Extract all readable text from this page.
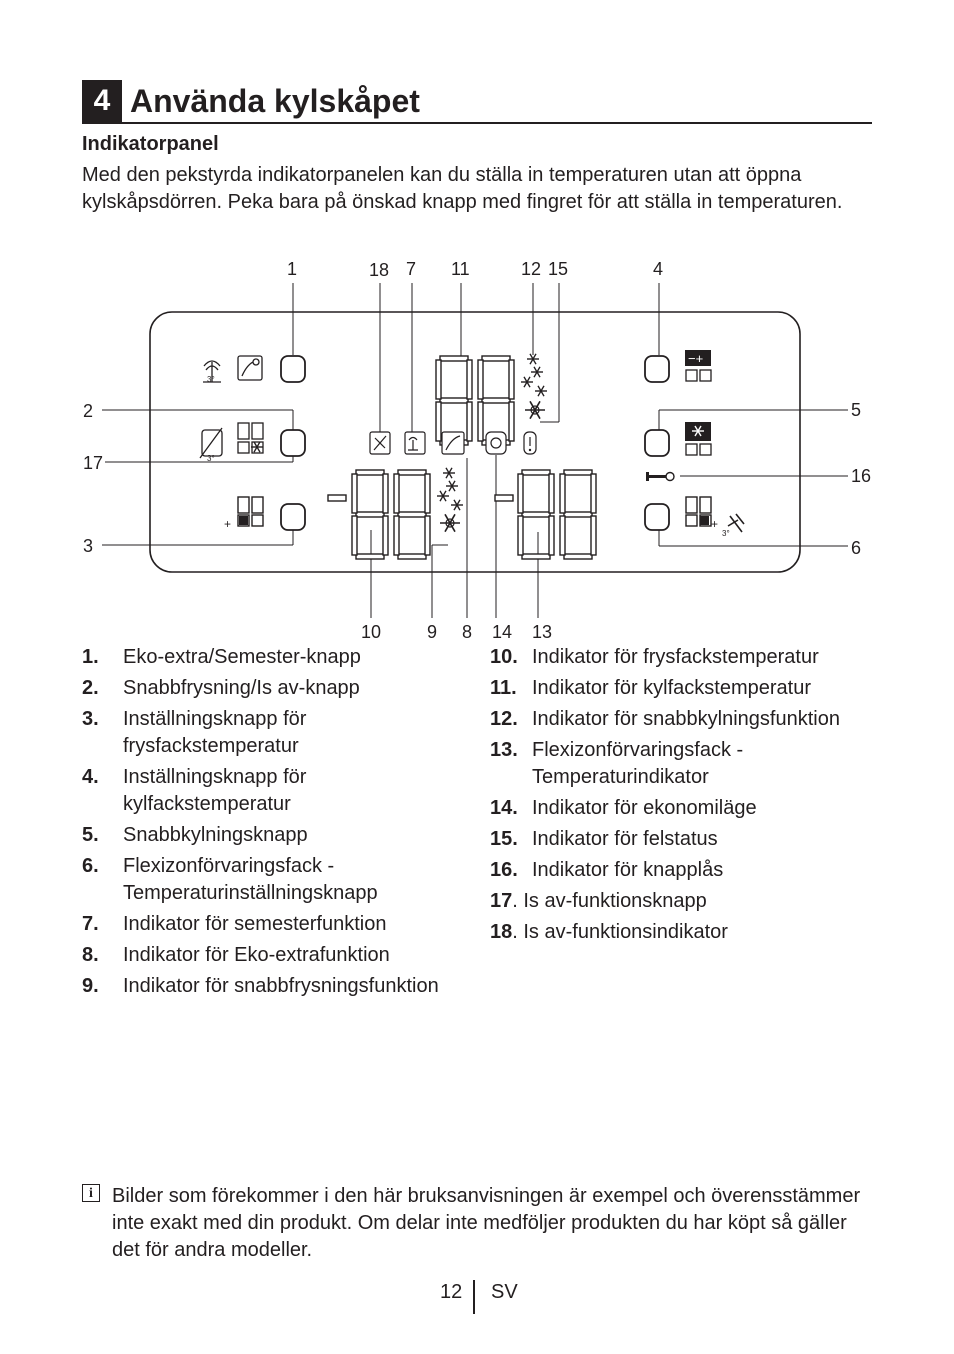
4 Använda kylskåpet
Indikatorpanel
Med den pekstyrda indikatorpanelen kan du ställa in temperaturen utan att öppna kylskåpsdörren. Peka bara på önskad knapp med fingret för att ställa in temperaturen.
1	18 7 11	12 15	4
2
17
3
5
16
6
10	9 8 14 13
+
3°
3°
−+
+
3°
1.	Eko-extra/Semester-knapp
2.	Snabbfrysning/Is av-knapp
3.	Inställningsknapp för frysfackstemperatur
4.	Inställningsknapp för kylfackstemperatur
5.	Snabbkylningsknapp
6.	Flexizonförvaringsfack - Temperaturinställningsknapp
7.	Indikator för semesterfunktion
8.	Indikator för Eko-extrafunktion
9.	Indikator för snabbfrysningsfunktion
10. Indikator för frysfackstemperatur
11. Indikator för kylfackstemperatur
12. Indikator för snabbkylningsfunktion
13. Flexizonförvaringsfack - Temperaturindikator
14. Indikator för ekonomiläge
15. Indikator för felstatus
16. Indikator för knapplås
17 . Is av-funktionsknapp
18 . Is av-funktionsindikator
i Bilder som förekommer i den här bruksanvisningen är exempel och överensstämmer inte exakt med din produkt. Om delar inte medföljer produkten du har köpt så gäller det för andra modeller.
12 SV
